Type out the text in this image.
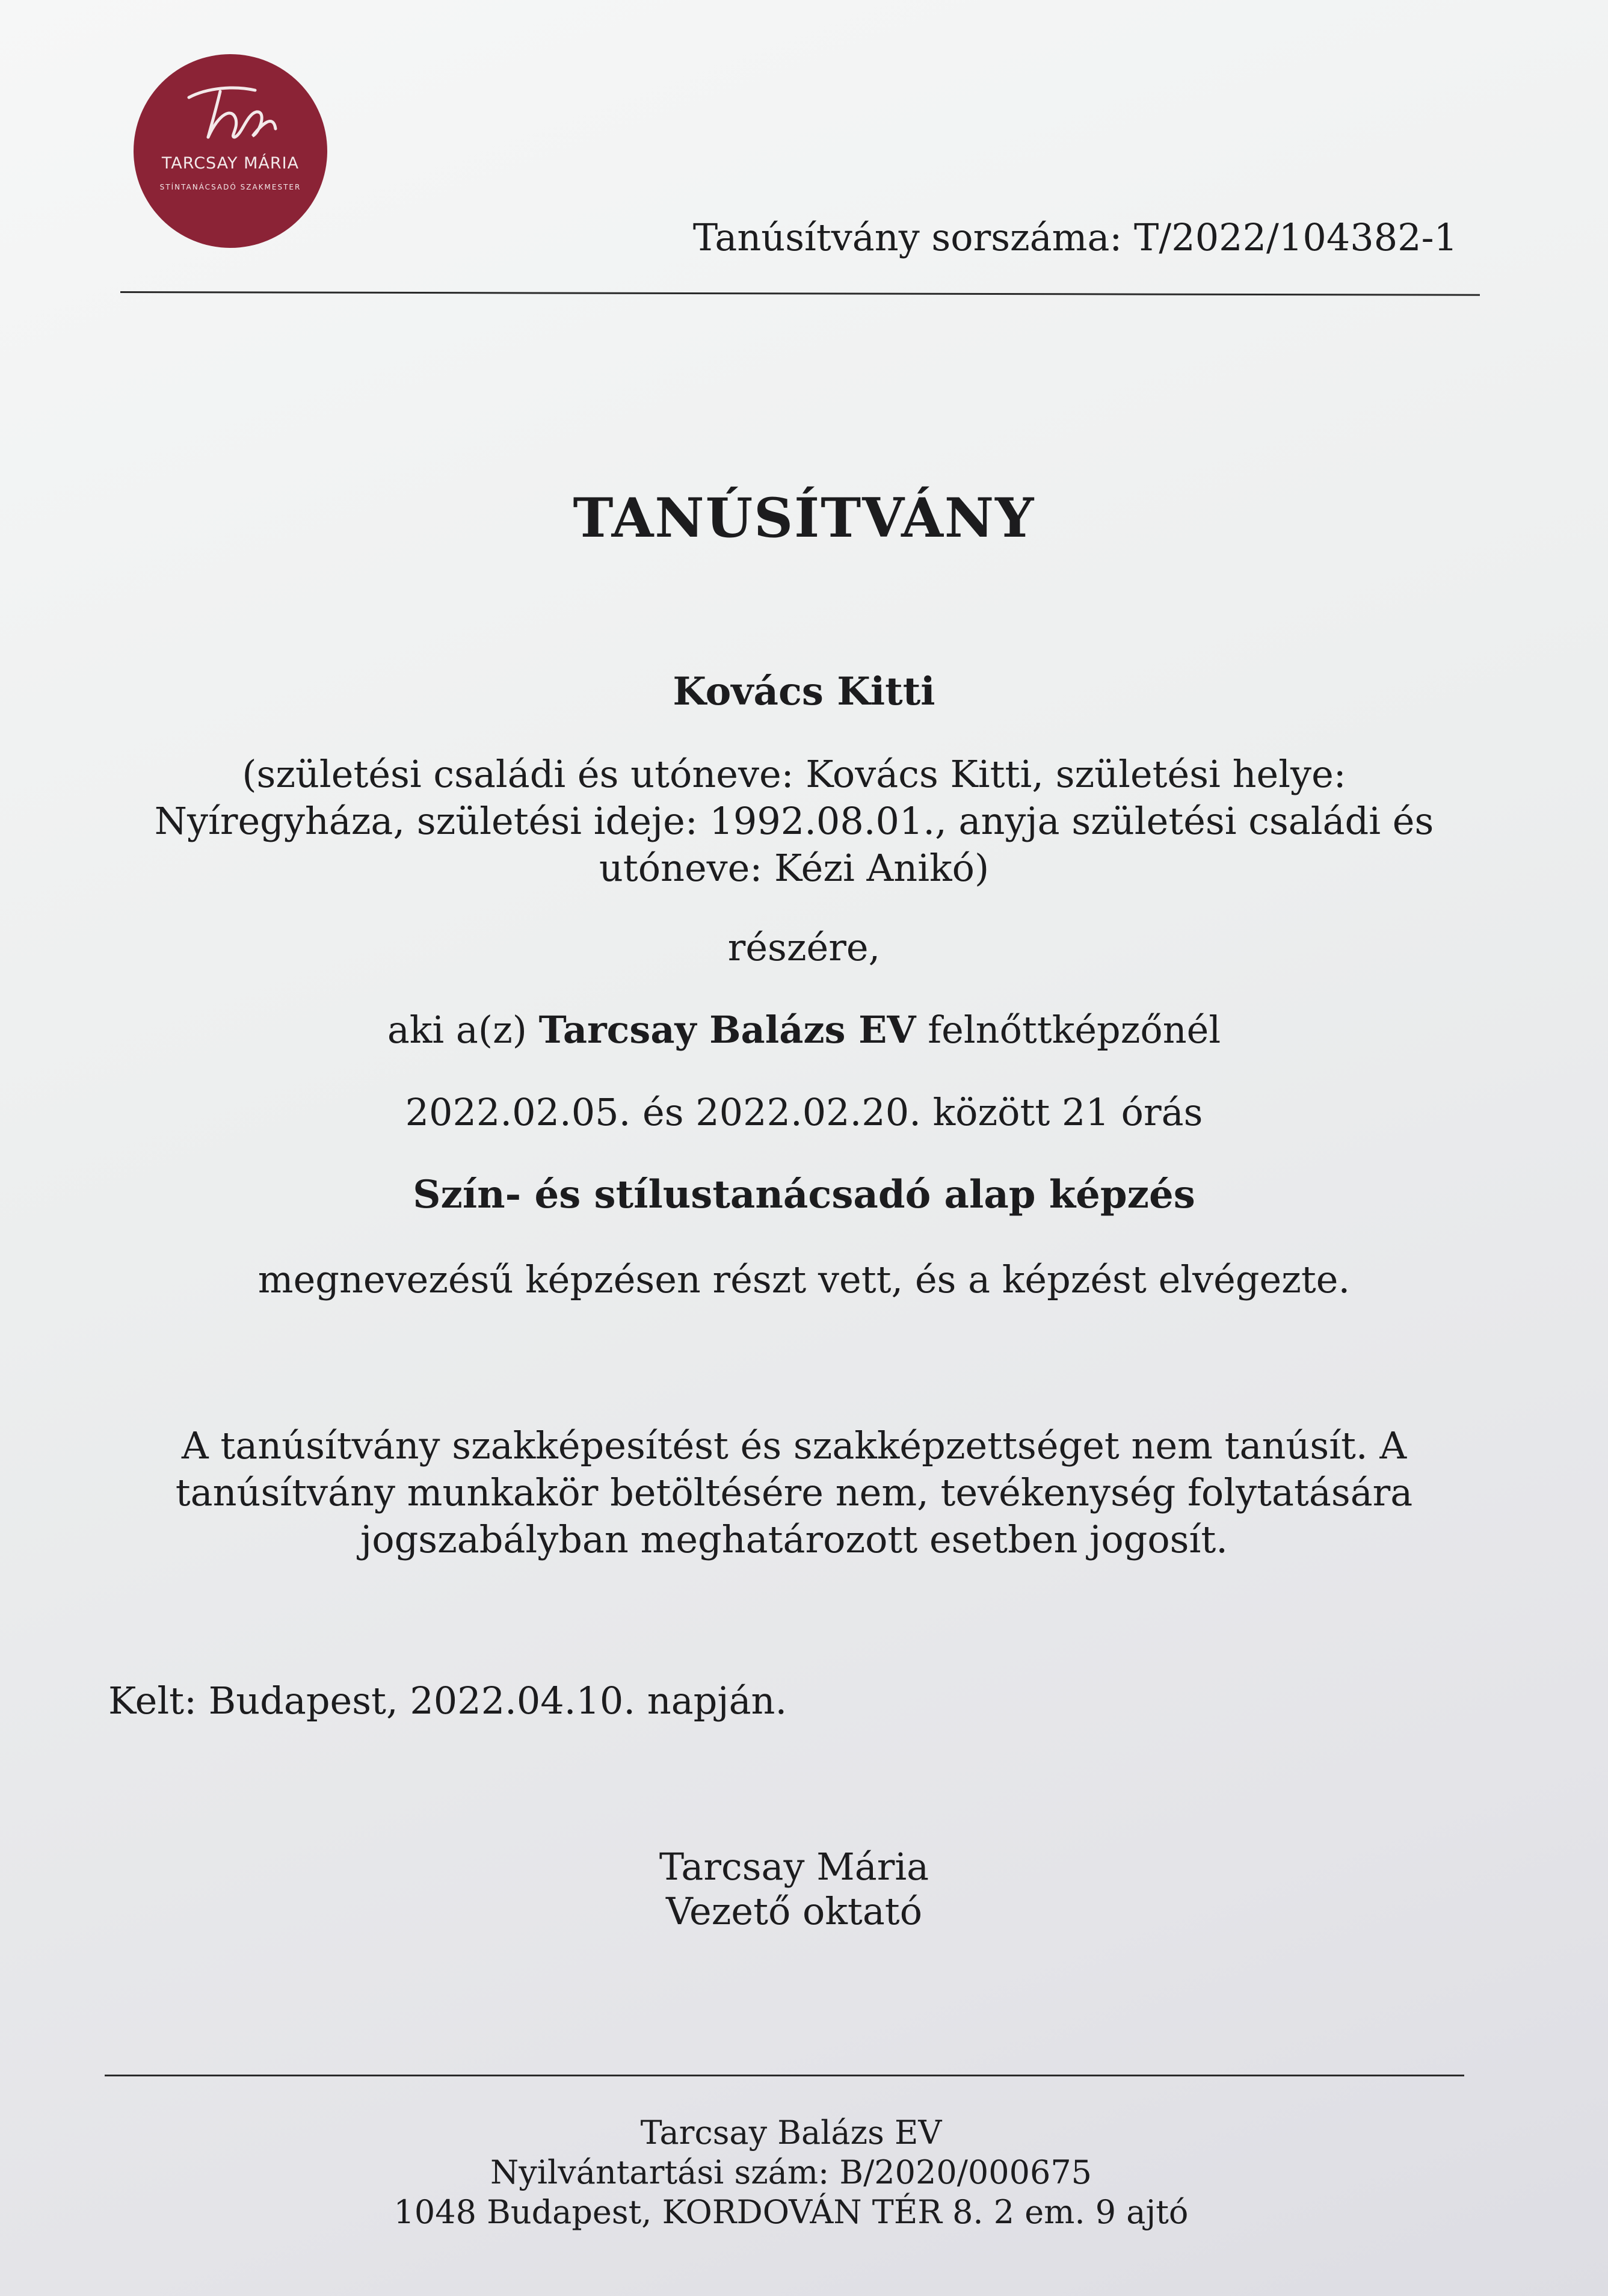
TARCSAY MÁRIA
STÍNTANÁCSADÓ SZAKMESTER
Tanúsítvány sorszáma: T/2022/104382-1
TANÚSÍTVÁNY
Kovács Kitti
(születési családi és utóneve: Kovács Kitti, születési helye: Nyíregyháza, születési ideje: 1992.08.01., anyja születési családi és utóneve: Kézi Anikó)
részére,
aki a(z) Tarcsay Balázs EV felnőttképzőnél
2022.02.05. és 2022.02.20. között 21 órás
Szín- és stílustanácsadó alap képzés
megnevezésű képzésen részt vett, és a képzést elvégezte.
A tanúsítvány szakképesítést és szakképzettséget nem tanúsít. A tanúsítvány munkakör betöltésére nem, tevékenység folytatására jogszabályban meghatározott esetben jogosít.
Kelt: Budapest, 2022.04.10. napján.
Tarcsay Mária
Vezető oktató
Tarcsay Balázs EV
Nyilvántartási szám: B/2020/000675
1048 Budapest, KORDOVÁN TÉR 8. 2 em. 9 ajtó
